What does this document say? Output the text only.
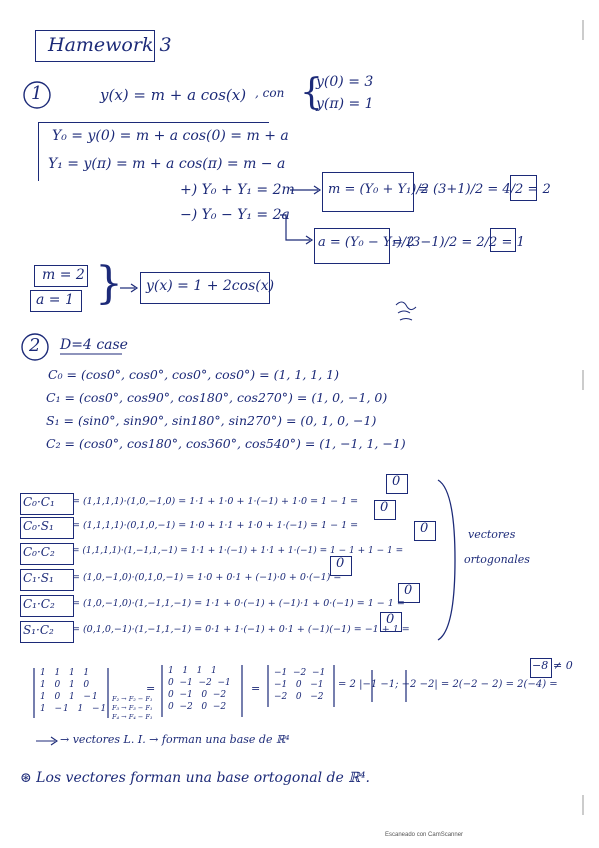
Hamework 3
1	y(x) = m + a cos(x) , con {
y(0) = 3
y(π) = 1
Y₀ = y(0) = m + a cos(0) = m + a
Y₁ = y(π) = m + a cos(π) = m − a
+) Y₀ + Y₁ = 2m
−) Y₀ − Y₁ = 2a
m = (Y₀ + Y₁)/2
= (3+1)/2 = 4/2 = 2
a = (Y₀ − Y₁)/2
= (3−1)/2 = 2/2 = 1
m = 2
a = 1 } y(x) = 1 + 2cos(x)
2 D=4 case
C₀ = (cos0°, cos0°, cos0°, cos0°) = (1, 1, 1, 1)
C₁ = (cos0°, cos90°, cos180°, cos270°) = (1, 0, −1, 0)
S₁ = (sin0°, sin90°, sin180°, sin270°) = (0, 1, 0, −1)
C₂ = (cos0°, cos180°, cos360°, cos540°) = (1, −1, 1, −1)
C₀·C₁ = (1,1,1,1)·(1,0,−1,0) = 1·1 + 1·0 + 1·(−1) + 1·0 = 1 − 1 =
0
C₀·S₁ = (1,1,1,1)·(0,1,0,−1) = 1·0 + 1·1 + 1·0 + 1·(−1) = 1 − 1 =
0
C₀·C₂ = (1,1,1,1)·(1,−1,1,−1) = 1·1 + 1·(−1) + 1·1 + 1·(−1) = 1 − 1 + 1 − 1 =
0
C₁·S₁ = (1,0,−1,0)·(0,1,0,−1) = 1·0 + 0·1 + (−1)·0 + 0·(−1) =
0
C₁·C₂ = (1,0,−1,0)·(1,−1,1,−1) = 1·1 + 0·(−1) + (−1)·1 + 0·(−1) = 1 − 1 =
0
S₁·C₂ = (0,1,0,−1)·(1,−1,1,−1) = 0·1 + 1·(−1) + 0·1 + (−1)(−1) = −1 + 1 =
0
vectores
ortogonales
1 1 1 1
1 0 1 0
1 0 1 −1
1 −1 1 −1
=
F₂ → F₂ − F₁
F₃ → F₃ − F₁
F₄ → F₄ − F₁
1 1 1 1
0 −1 −2 −1
0 −1 0 −2
0 −2 0 −2
=
−1 −2 −1
−1 0 −1
−2 0 −2
= 2 |−1 −1; −2 −2| = 2(−2 − 2) = 2(−4) =
−8 ≠ 0
→ vectores L. I. → forman una base de ℝ⁴
⊛ Los vectores forman una base ortogonal de ℝ⁴.
Escaneado con CamScanner
